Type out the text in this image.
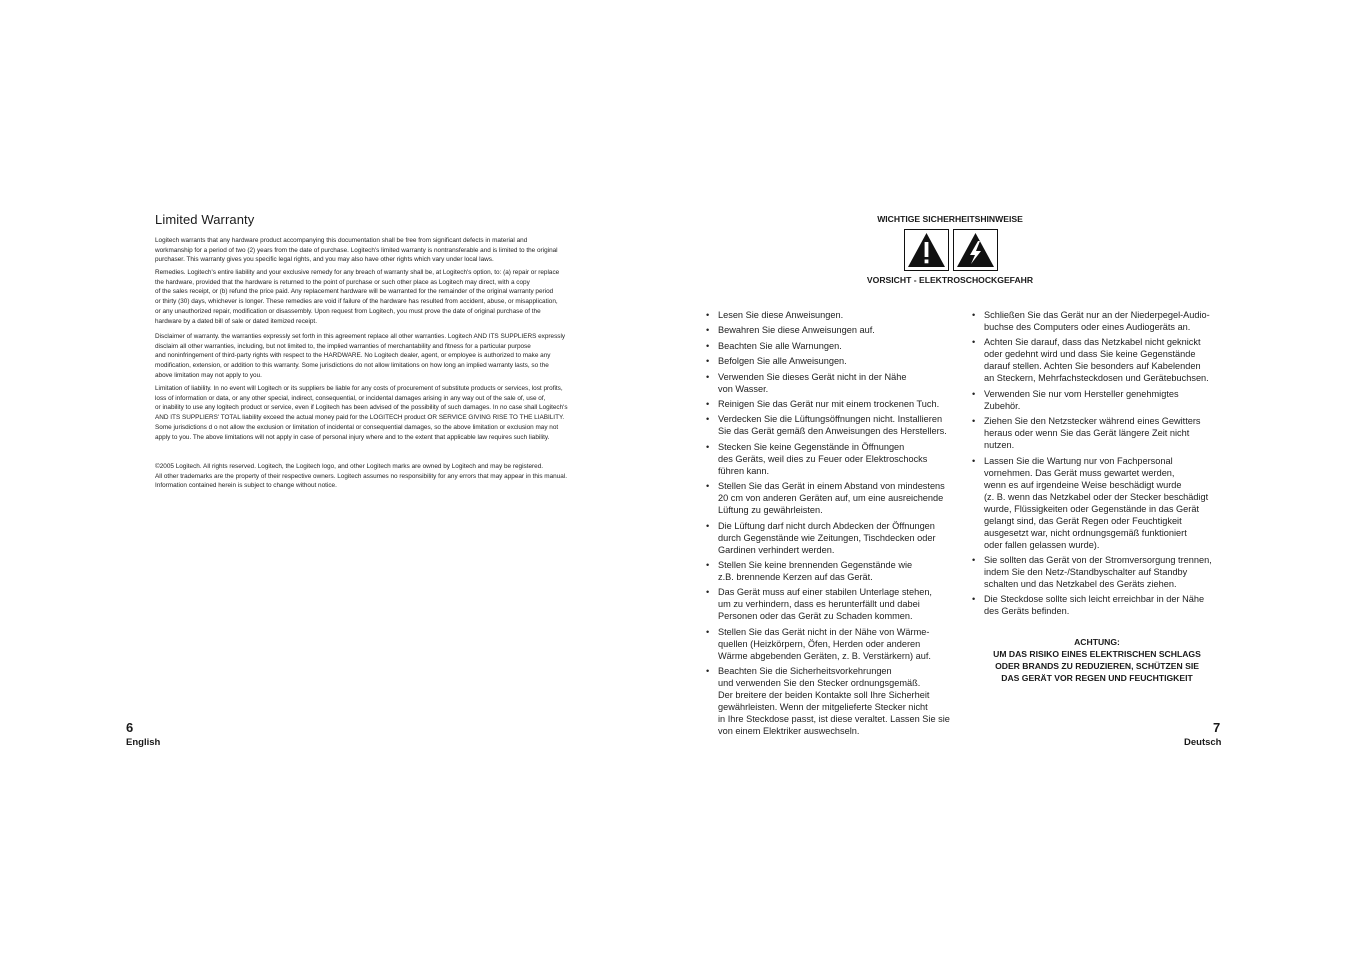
Limited Warranty

Logitech warrants that any hardware product accompanying this documentation shall be free from significant defects in material and
workmanship for a period of two (2) years from the date of purchase. Logitech's limited warranty is nontransferable and is limited to the original
purchaser. This warranty gives you specific legal rights, and you may also have other rights which vary under local laws.

Remedies. Logitech's entire liability and your exclusive remedy for any breach of warranty shall be, at Logitech's option, to: (a) repair or replace
the hardware, provided that the hardware is returned to the point of purchase or such other place as Logitech may direct, with a copy
of the sales receipt, or (b) refund the price paid. Any replacement hardware will be warranted for the remainder of the original warranty period
or thirty (30) days, whichever is longer. These remedies are void if failure of the hardware has resulted from accident, abuse, or misapplication,
or any unauthorized repair, modification or disassembly. Upon request from Logitech, you must prove the date of original purchase of the
hardware by a dated bill of sale or dated itemized receipt.

Disclaimer of warranty. the warranties expressly set forth in this agreement replace all other warranties. Logitech AND ITS SUPPLIERS expressly
disclaim all other warranties, including, but not limited to, the implied warranties of merchantability and fitness for a particular purpose
and noninfringement of third-party rights with respect to the HARDWARE. No Logitech dealer, agent, or employee is authorized to make any
modification, extension, or addition to this warranty. Some jurisdictions do not allow limitations on how long an implied warranty lasts, so the
above limitation may not apply to you.

Limitation of liability. In no event will Logitech or its suppliers be liable for any costs of procurement of substitute products or services, lost profits,
loss of information or data, or any other special, indirect, consequential, or incidental damages arising in any way out of the sale of, use of,
or inability to use any logitech product or service, even if Logitech has been advised of the possibility of such damages. In no case shall Logitech's
AND ITS SUPPLIERS' TOTAL liability exceed the actual money paid for the LOGITECH product OR SERVICE GIVING RISE TO THE LIABILITY.
Some jurisdictions d o not allow the exclusion or limitation of incidental or consequential damages, so the above limitation or exclusion may not
apply to you. The above limitations will not apply in case of personal injury where and to the extent that applicable law requires such liability.

©2005 Logitech. All rights reserved. Logitech, the Logitech logo, and other Logitech marks are owned by Logitech and may be registered.
All other trademarks are the property of their respective owners. Logitech assumes no responsibility for any errors that may appear in this manual.
Information contained herein is subject to change without notice.

6
English
WICHTIGE SICHERHEITSHINWEISE
VORSICHT - ELEKTROSCHOCKGEFAHR
• Lesen Sie diese Anweisungen.
• Bewahren Sie diese Anweisungen auf.
• Beachten Sie alle Warnungen.
• Befolgen Sie alle Anweisungen.
• Verwenden Sie dieses Gerät nicht in der Nähe
von Wasser.
• Reinigen Sie das Gerät nur mit einem trockenen Tuch.
• Verdecken Sie die Lüftungsöffnungen nicht. Installieren
Sie das Gerät gemäß den Anweisungen des Herstellers.
• Stecken Sie keine Gegenstände in Öffnungen
des Geräts, weil dies zu Feuer oder Elektroschocks
führen kann.
• Stellen Sie das Gerät in einem Abstand von mindestens
20 cm von anderen Geräten auf, um eine ausreichende
Lüftung zu gewährleisten.
• Die Lüftung darf nicht durch Abdecken der Öffnungen
durch Gegenstände wie Zeitungen, Tischdecken oder
Gardinen verhindert werden.
• Stellen Sie keine brennenden Gegenstände wie
z.B. brennende Kerzen auf das Gerät.
• Das Gerät muss auf einer stabilen Unterlage stehen,
um zu verhindern, dass es herunterfällt und dabei
Personen oder das Gerät zu Schaden kommen.
• Stellen Sie das Gerät nicht in der Nähe von Wärme-
quellen (Heizkörpern, Öfen, Herden oder anderen
Wärme abgebenden Geräten, z. B. Verstärkern) auf.
• Beachten Sie die Sicherheitsvorkehrungen
und verwenden Sie den Stecker ordnungsgemäß.
Der breitere der beiden Kontakte soll Ihre Sicherheit
gewährleisten. Wenn der mitgelieferte Stecker nicht
in Ihre Steckdose passt, ist diese veraltet. Lassen Sie sie
von einem Elektriker auswechseln.
• Schließen Sie das Gerät nur an der Niederpegel-Audio-
buchse des Computers oder eines Audiogeräts an.
• Achten Sie darauf, dass das Netzkabel nicht geknickt
oder gedehnt wird und dass Sie keine Gegenstände
darauf stellen. Achten Sie besonders auf Kabelenden
an Steckern, Mehrfachsteckdosen und Gerätebuchsen.
• Verwenden Sie nur vom Hersteller genehmigtes
Zubehör.
• Ziehen Sie den Netzstecker während eines Gewitters
heraus oder wenn Sie das Gerät längere Zeit nicht
nutzen.
• Lassen Sie die Wartung nur von Fachpersonal
vornehmen. Das Gerät muss gewartet werden,
wenn es auf irgendeine Weise beschädigt wurde
(z. B. wenn das Netzkabel oder der Stecker beschädigt
wurde, Flüssigkeiten oder Gegenstände in das Gerät
gelangt sind, das Gerät Regen oder Feuchtigkeit
ausgesetzt war, nicht ordnungsgemäß funktioniert
oder fallen gelassen wurde).
• Sie sollten das Gerät von der Stromversorgung trennen,
indem Sie den Netz-/Standbyschalter auf Standby
schalten und das Netzkabel des Geräts ziehen.
• Die Steckdose sollte sich leicht erreichbar in der Nähe
des Geräts befinden.
ACHTUNG:
UM DAS RISIKO EINES ELEKTRISCHEN SCHLAGS
ODER BRANDS ZU REDUZIEREN, SCHÜTZEN SIE
DAS GERÄT VOR REGEN UND FEUCHTIGKEIT
7
Deutsch
